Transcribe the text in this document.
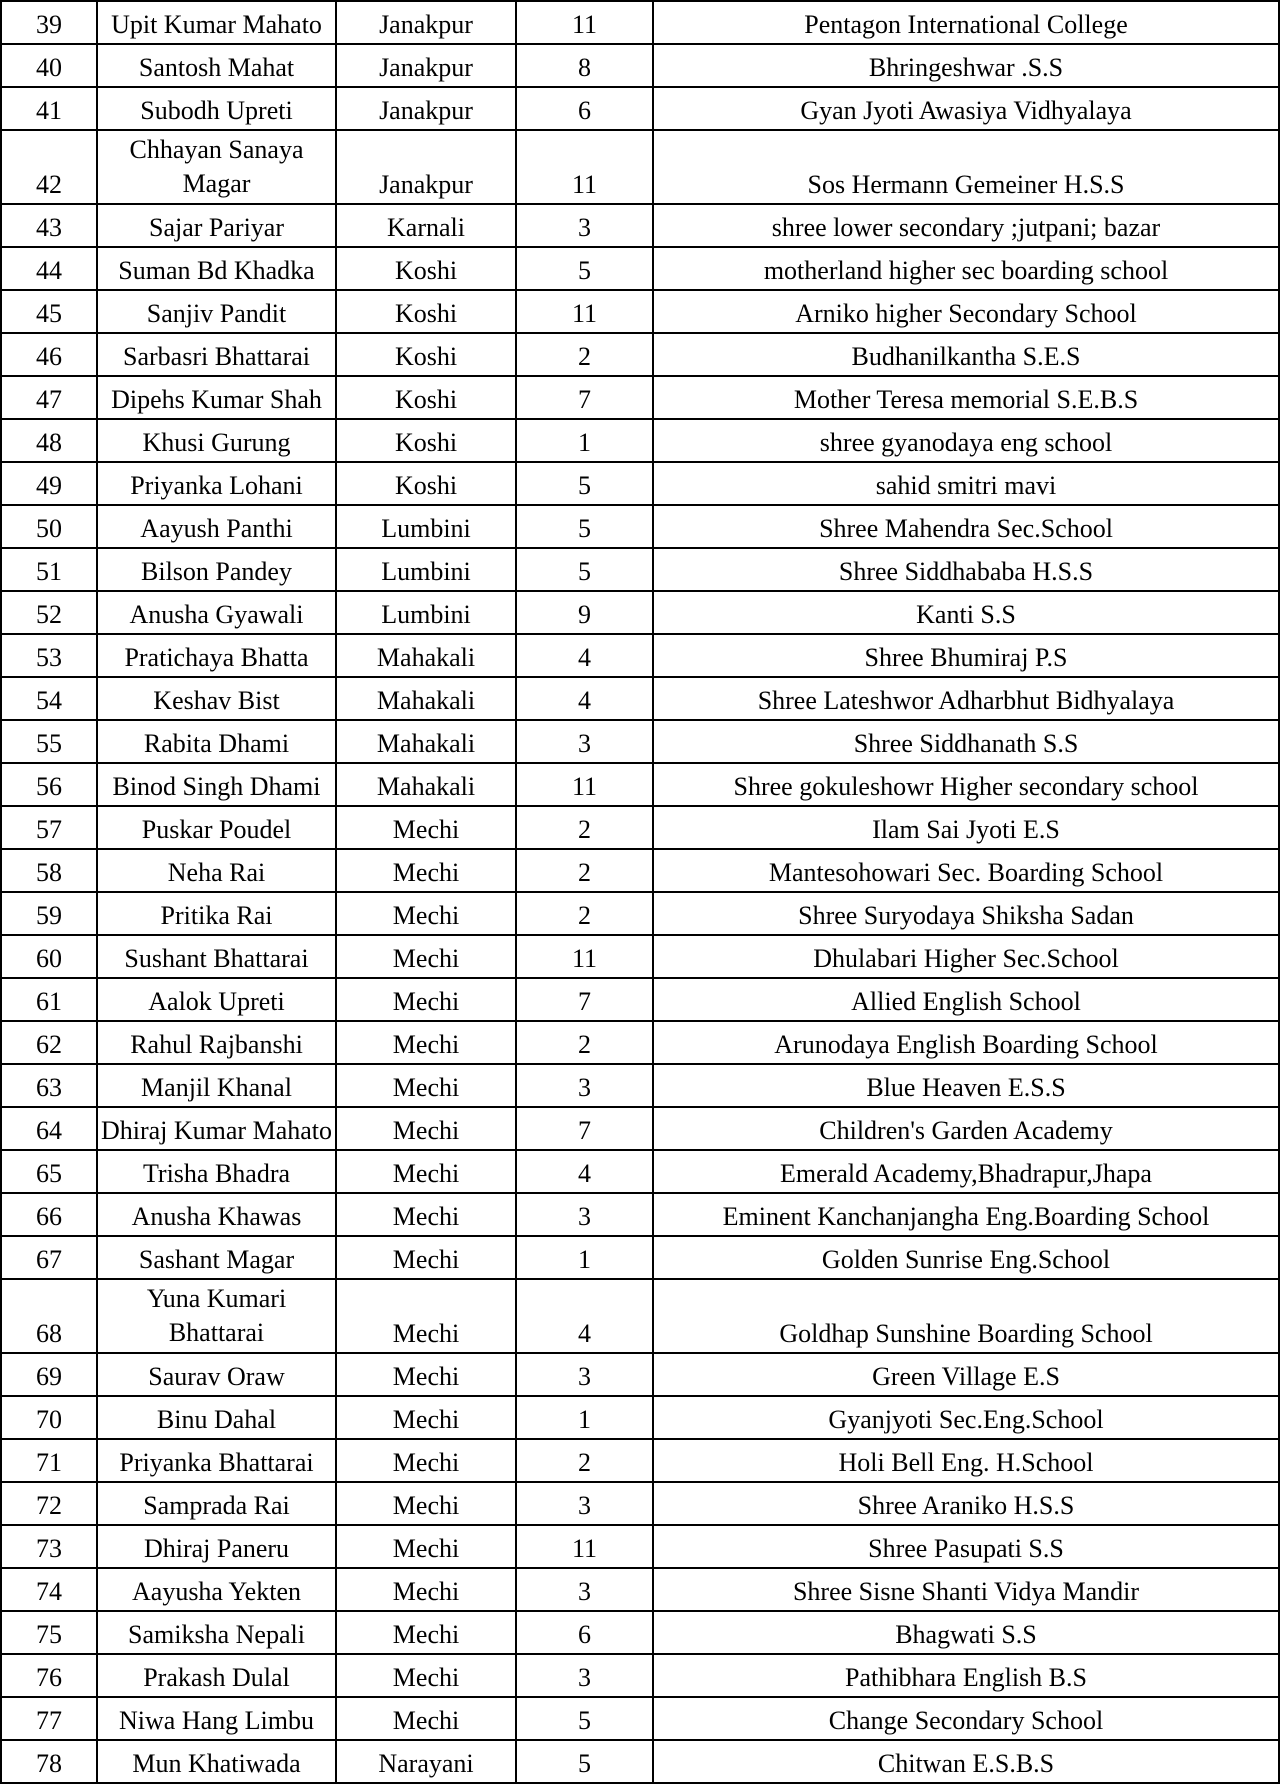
39	Upit Kumar Mahato	Janakpur	11	Pentagon International College
40	Santosh Mahat	Janakpur	8	Bhringeshwar .S.S
41	Subodh Upreti	Janakpur	6	Gyan Jyoti Awasiya Vidhyalaya
42	Chhayan Sanaya Magar	Janakpur	11	Sos Hermann Gemeiner H.S.S
43	Sajar Pariyar	Karnali	3	shree lower secondary ;jutpani; bazar
44	Suman Bd Khadka	Koshi	5	motherland higher sec boarding school
45	Sanjiv Pandit	Koshi	11	Arniko higher Secondary School
46	Sarbasri Bhattarai	Koshi	2	Budhanilkantha S.E.S
47	Dipehs Kumar Shah	Koshi	7	Mother Teresa memorial S.E.B.S
48	Khusi Gurung	Koshi	1	shree gyanodaya eng school
49	Priyanka Lohani	Koshi	5	sahid smitri mavi
50	Aayush Panthi	Lumbini	5	Shree Mahendra Sec.School
51	Bilson Pandey	Lumbini	5	Shree Siddhababa H.S.S
52	Anusha Gyawali	Lumbini	9	Kanti S.S
53	Pratichaya Bhatta	Mahakali	4	Shree Bhumiraj P.S
54	Keshav Bist	Mahakali	4	Shree Lateshwor Adharbhut Bidhyalaya
55	Rabita Dhami	Mahakali	3	Shree Siddhanath S.S
56	Binod Singh Dhami	Mahakali	11	Shree gokuleshowr Higher secondary school
57	Puskar Poudel	Mechi	2	Ilam Sai Jyoti E.S
58	Neha Rai	Mechi	2	Mantesohowari Sec. Boarding School
59	Pritika Rai	Mechi	2	Shree Suryodaya Shiksha Sadan
60	Sushant Bhattarai	Mechi	11	Dhulabari Higher Sec.School
61	Aalok Upreti	Mechi	7	Allied English School
62	Rahul Rajbanshi	Mechi	2	Arunodaya English Boarding School
63	Manjil Khanal	Mechi	3	Blue Heaven E.S.S
64	Dhiraj Kumar Mahato	Mechi	7	Children's Garden Academy
65	Trisha Bhadra	Mechi	4	Emerald Academy,Bhadrapur,Jhapa
66	Anusha Khawas	Mechi	3	Eminent Kanchanjangha Eng.Boarding School
67	Sashant Magar	Mechi	1	Golden Sunrise Eng.School
68	Yuna Kumari Bhattarai	Mechi	4	Goldhap Sunshine Boarding School
69	Saurav Oraw	Mechi	3	Green Village E.S
70	Binu Dahal	Mechi	1	Gyanjyoti Sec.Eng.School
71	Priyanka Bhattarai	Mechi	2	Holi Bell Eng. H.School
72	Samprada Rai	Mechi	3	Shree Araniko H.S.S
73	Dhiraj Paneru	Mechi	11	Shree Pasupati S.S
74	Aayusha Yekten	Mechi	3	Shree Sisne Shanti Vidya Mandir
75	Samiksha Nepali	Mechi	6	Bhagwati S.S
76	Prakash Dulal	Mechi	3	Pathibhara English B.S
77	Niwa Hang Limbu	Mechi	5	Change Secondary School
78	Mun Khatiwada	Narayani	5	Chitwan E.S.B.S
